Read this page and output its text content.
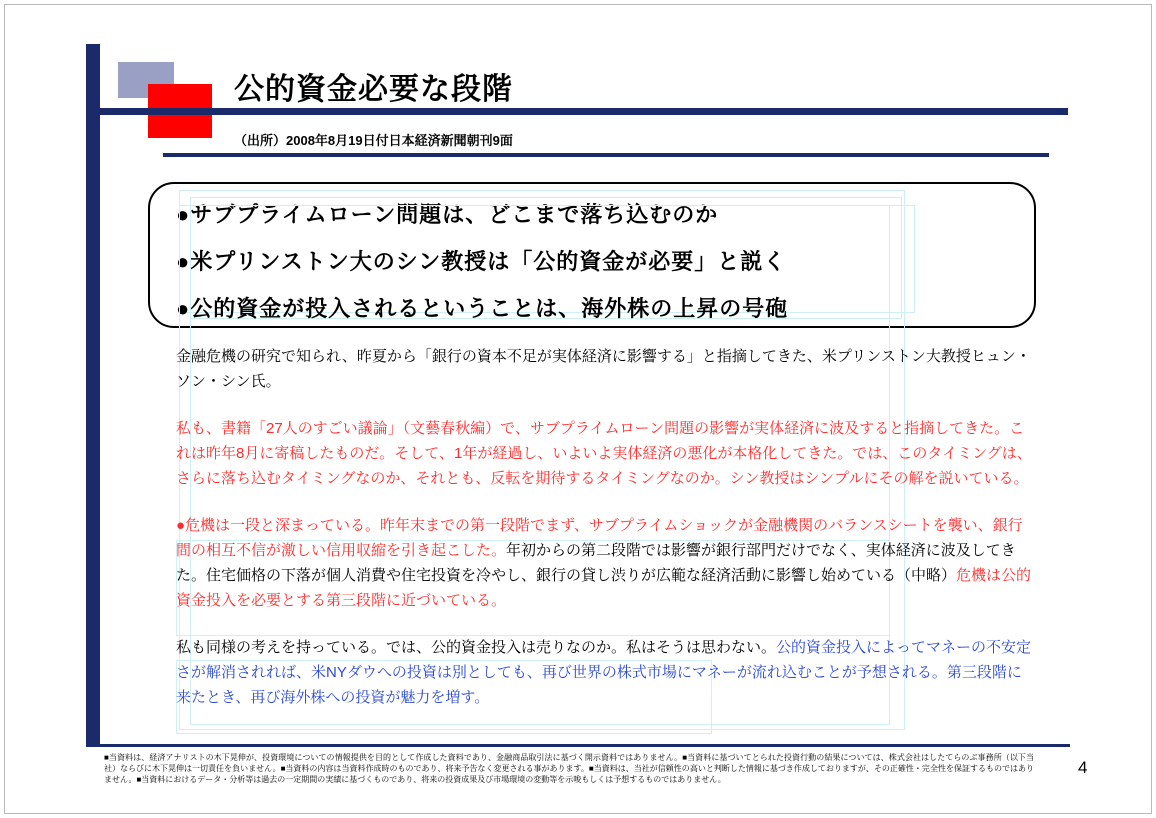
公的資金必要な段階
（出所）2008年8月19日付日本経済新聞朝刊9面
●サブプライムローン問題は、どこまで落ち込むのか
●米プリンストン大のシン教授は「公的資金が必要」と説く
●公的資金が投入されるということは、海外株の上昇の号砲
金融危機の研究で知られ、昨夏から「銀行の資本不足が実体経済に影響する」と指摘してきた、米プリンストン大教授ヒュン・ソン・シン氏。
私も、書籍「27人のすごい議論」（文藝春秋編）で、サブプライムローン問題の影響が実体経済に波及すると指摘してきた。これは昨年8月に寄稿したものだ。そして、1年が経過し、いよいよ実体経済の悪化が本格化してきた。では、このタイミングは、さらに落ち込むタイミングなのか、それとも、反転を期待するタイミングなのか。シン教授はシンプルにその解を説いている。
●危機は一段と深まっている。昨年末までの第一段階でまず、サブプライムショックが金融機関のバランスシートを襲い、銀行間の相互不信が激しい信用収縮を引き起こした。年初からの第二段階では影響が銀行部門だけでなく、実体経済に波及してきた。住宅価格の下落が個人消費や住宅投資を冷やし、銀行の貸し渋りが広範な経済活動に影響し始めている（中略）危機は公的資金投入を必要とする第三段階に近づいている。
私も同様の考えを持っている。では、公的資金投入は売りなのか。私はそうは思わない。公的資金投入によってマネーの不安定さが解消されれば、米NYダウへの投資は別としても、再び世界の株式市場にマネーが流れ込むことが予想される。第三段階に来たとき、再び海外株への投資が魅力を増す。
■当資料は、経済アナリストの木下晃伸が、投資環境についての情報提供を目的として作成した資料であり、金融商品取引法に基づく開示資料ではありません。■当資料に基づいてとられた投資行動の結果については、株式会社はしたてらのぶ事務所（以下当社）ならびに木下晃伸は一切責任を負いません。■当資料の内容は当資料作成時のものであり、将来予告なく変更される事があります。■当資料は、当社が信頼性の高いと判断した情報に基づき作成しておりますが、その正確性・完全性を保証するものではありません。■当資料におけるデータ・分析等は過去の一定期間の実績に基づくものであり、将来の投資成果及び市場環境の変動等を示唆もしくは予想するものではありません。
4
